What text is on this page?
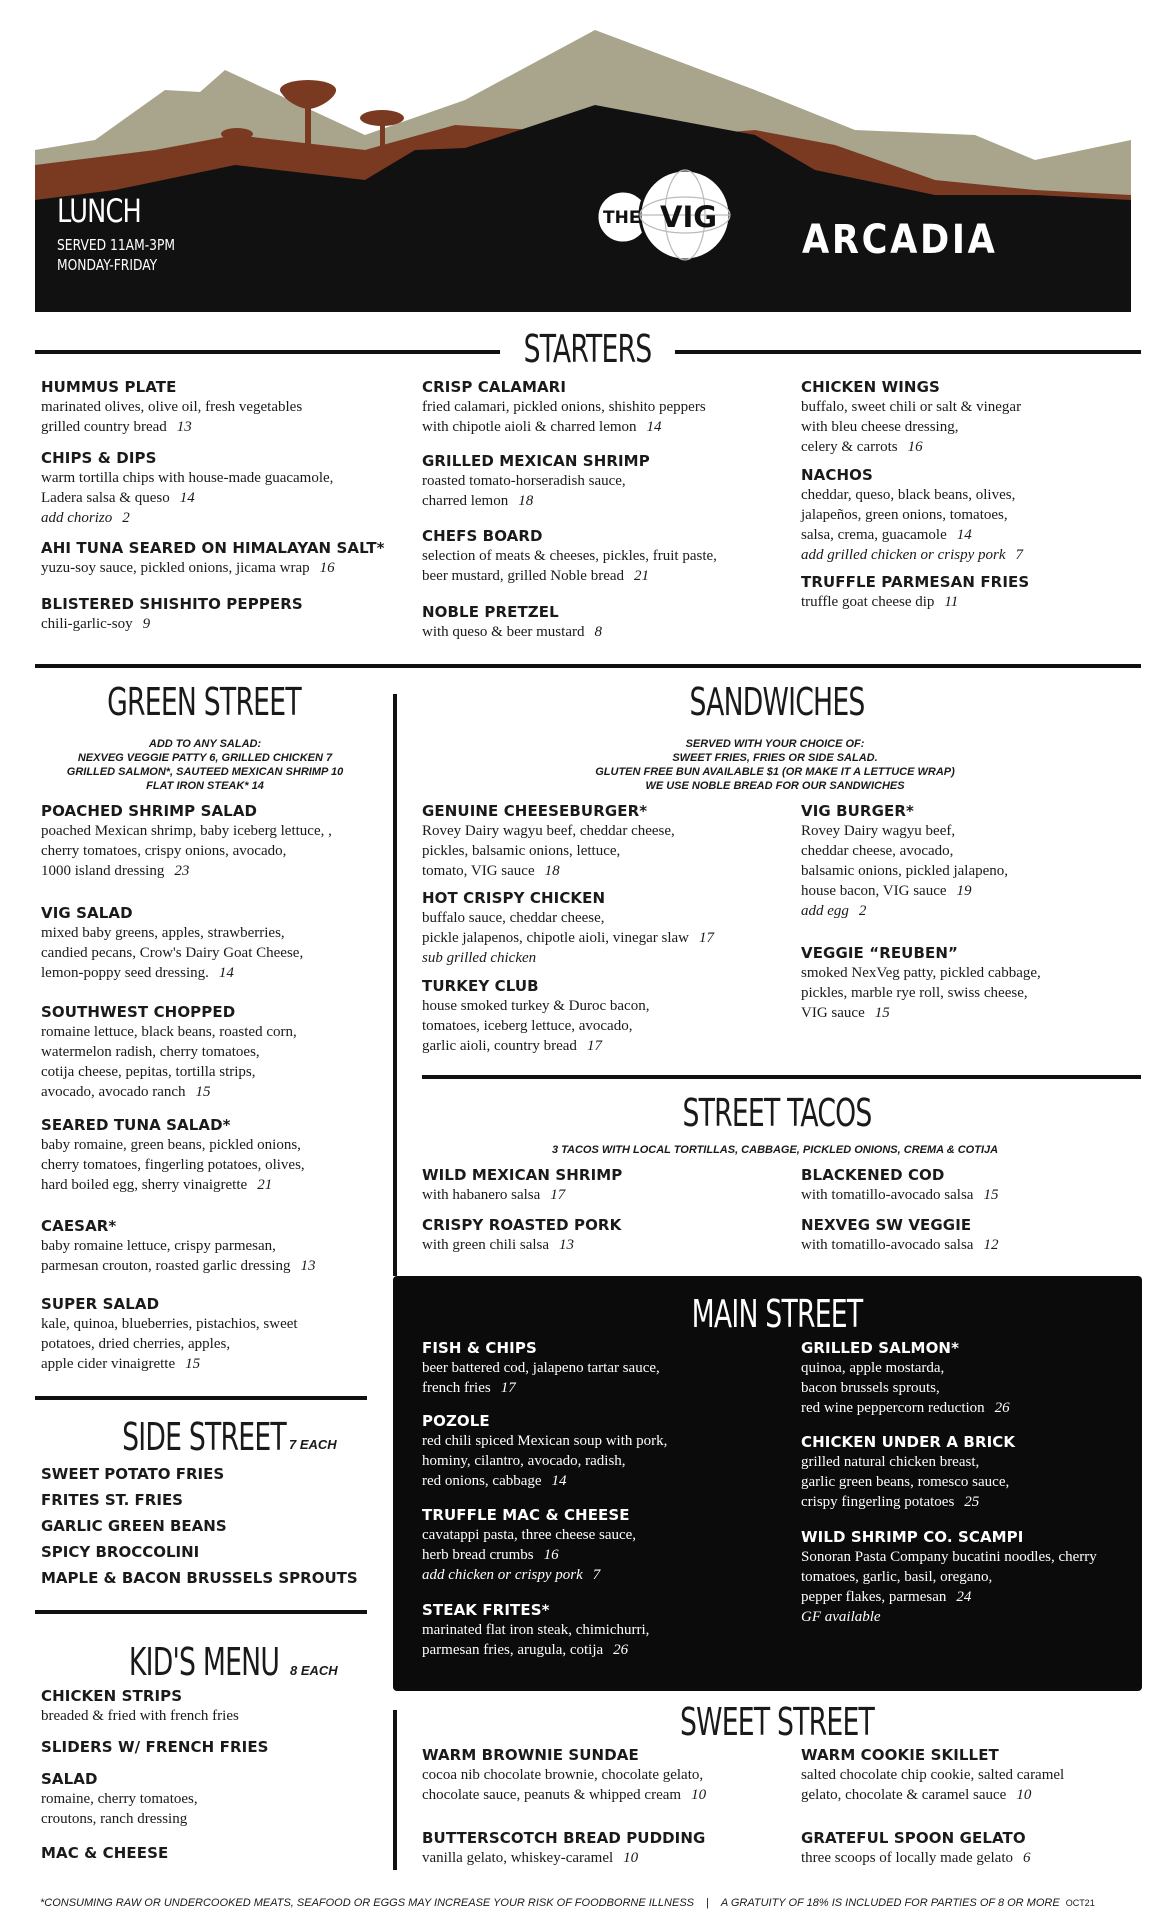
THE VIG
LUNCH
SERVED 11AM-3PM
MONDAY-FRIDAY
ARCADIA
STARTERS
HUMMUS PLATE
marinated olives, olive oil, fresh vegetables
grilled country bread 13
CHIPS & DIPS
warm tortilla chips with house-made guacamole,
Ladera salsa & queso 14
add chorizo 2
AHI TUNA SEARED ON HIMALAYAN SALT*
yuzu-soy sauce, pickled onions, jicama wrap 16
BLISTERED SHISHITO PEPPERS
chili-garlic-soy 9
CRISP CALAMARI
fried calamari, pickled onions, shishito peppers
with chipotle aioli & charred lemon 14
GRILLED MEXICAN SHRIMP
roasted tomato-horseradish sauce,
charred lemon 18
CHEFS BOARD
selection of meats & cheeses, pickles, fruit paste,
beer mustard, grilled Noble bread 21
NOBLE PRETZEL
with queso & beer mustard 8
CHICKEN WINGS
buffalo, sweet chili or salt & vinegar
with bleu cheese dressing,
celery & carrots 16
NACHOS
cheddar, queso, black beans, olives,
jalapeños, green onions, tomatoes,
salsa, crema, guacamole 14
add grilled chicken or crispy pork 7
TRUFFLE PARMESAN FRIES
truffle goat cheese dip 11
GREEN STREET
ADD TO ANY SALAD:
NEXVEG VEGGIE PATTY 6, GRILLED CHICKEN 7
GRILLED SALMON*, SAUTEED MEXICAN SHRIMP 10
FLAT IRON STEAK* 14
POACHED SHRIMP SALAD
poached Mexican shrimp, baby iceberg lettuce, ,
cherry tomatoes, crispy onions, avocado,
1000 island dressing 23
VIG SALAD
mixed baby greens, apples, strawberries,
candied pecans, Crow's Dairy Goat Cheese,
lemon-poppy seed dressing. 14
SOUTHWEST CHOPPED
romaine lettuce, black beans, roasted corn,
watermelon radish, cherry tomatoes,
cotija cheese, pepitas, tortilla strips,
avocado, avocado ranch 15
SEARED TUNA SALAD*
baby romaine, green beans, pickled onions,
cherry tomatoes, fingerling potatoes, olives,
hard boiled egg, sherry vinaigrette 21
CAESAR*
baby romaine lettuce, crispy parmesan,
parmesan crouton, roasted garlic dressing 13
SUPER SALAD
kale, quinoa, blueberries, pistachios, sweet
potatoes, dried cherries, apples,
apple cider vinaigrette 15
SANDWICHES
SERVED WITH YOUR CHOICE OF:
SWEET FRIES, FRIES OR SIDE SALAD.
GLUTEN FREE BUN AVAILABLE $1 (OR MAKE IT A LETTUCE WRAP)
WE USE NOBLE BREAD FOR OUR SANDWICHES
GENUINE CHEESEBURGER*
Rovey Dairy wagyu beef, cheddar cheese,
pickles, balsamic onions, lettuce,
tomato, VIG sauce 18
HOT CRISPY CHICKEN
buffalo sauce, cheddar cheese,
pickle jalapenos, chipotle aioli, vinegar slaw 17
sub grilled chicken
TURKEY CLUB
house smoked turkey & Duroc bacon,
tomatoes, iceberg lettuce, avocado,
garlic aioli, country bread 17
VIG BURGER*
Rovey Dairy wagyu beef,
cheddar cheese, avocado,
balsamic onions, pickled jalapeno,
house bacon, VIG sauce 19
add egg 2
VEGGIE “REUBEN”
smoked NexVeg patty, pickled cabbage,
pickles, marble rye roll, swiss cheese,
VIG sauce 15
STREET TACOS
3 TACOS WITH LOCAL TORTILLAS, CABBAGE, PICKLED ONIONS, CREMA & COTIJA
WILD MEXICAN SHRIMP
with habanero salsa 17
CRISPY ROASTED PORK
with green chili salsa 13
BLACKENED COD
with tomatillo-avocado salsa 15
NEXVEG SW VEGGIE
with tomatillo-avocado salsa 12
MAIN STREET
FISH & CHIPS
beer battered cod, jalapeno tartar sauce,
french fries 17
POZOLE
red chili spiced Mexican soup with pork,
hominy, cilantro, avocado, radish,
red onions, cabbage 14
TRUFFLE MAC & CHEESE
cavatappi pasta, three cheese sauce,
herb bread crumbs 16
add chicken or crispy pork 7
STEAK FRITES*
marinated flat iron steak, chimichurri,
parmesan fries, arugula, cotija 26
GRILLED SALMON*
quinoa, apple mostarda,
bacon brussels sprouts,
red wine peppercorn reduction 26
CHICKEN UNDER A BRICK
grilled natural chicken breast,
garlic green beans, romesco sauce,
crispy fingerling potatoes 25
WILD SHRIMP CO. SCAMPI
Sonoran Pasta Company bucatini noodles, cherry
tomatoes, garlic, basil, oregano,
pepper flakes, parmesan 24
GF available
SIDE STREET 7 EACH
SWEET POTATO FRIES
FRITES ST. FRIES
GARLIC GREEN BEANS
SPICY BROCCOLINI
MAPLE & BACON BRUSSELS SPROUTS
KID'S MENU 8 EACH
CHICKEN STRIPS
breaded & fried with french fries
SLIDERS W/ FRENCH FRIES
SALAD
romaine, cherry tomatoes,
croutons, ranch dressing
MAC & CHEESE
SWEET STREET
WARM BROWNIE SUNDAE
cocoa nib chocolate brownie, chocolate gelato,
chocolate sauce, peanuts & whipped cream 10
BUTTERSCOTCH BREAD PUDDING
vanilla gelato, whiskey-caramel 10
WARM COOKIE SKILLET
salted chocolate chip cookie, salted caramel
gelato, chocolate & caramel sauce 10
GRATEFUL SPOON GELATO
three scoops of locally made gelato 6
*CONSUMING RAW OR UNDERCOOKED MEATS, SEAFOOD OR EGGS MAY INCREASE YOUR RISK OF FOODBORNE ILLNESS | A GRATUITY OF 18% IS INCLUDED FOR PARTIES OF 8 OR MORE OCT21
